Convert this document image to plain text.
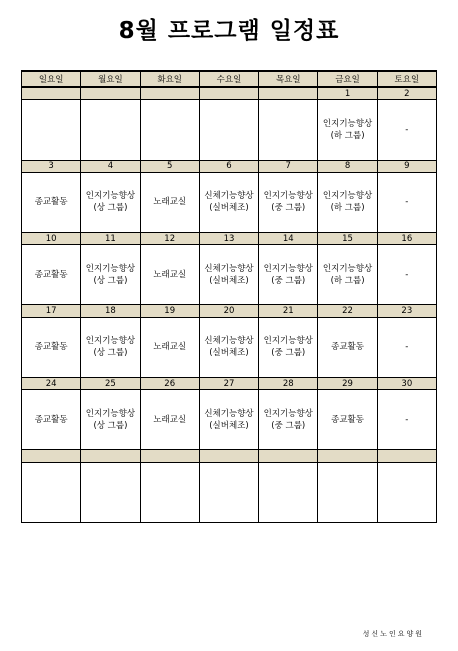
8월 프로그램 일정표
일요일	월요일	화요일	수요일	목요일	금요일	토요일
					1	2

					인지기능향상
(하 그룹)	-

3	4	5	6	7	8	9

종교활동	인지기능향상
(상 그룹)	노래교실	신체기능향상
(실버체조)	인지기능향상
(중 그룹)	인지기능향상
(하 그룹)	-

10	11	12	13	14	15	16

종교활동	인지기능향상
(상 그룹)	노래교실	신체기능향상
(실버체조)	인지기능향상
(중 그룹)	인지기능향상
(하 그룹)	-

17	18	19	20	21	22	23

종교활동	인지기능향상
(상 그룹)	노래교실	신체기능향상
(실버체조)	인지기능향상
(중 그룹)	종교활동	-

24	25	26	27	28	29	30

종교활동	인지기능향상
(상 그룹)	노래교실	신체기능향상
(실버체조)	인지기능향상
(중 그룹)	종교활동	-

성신노인요양원
